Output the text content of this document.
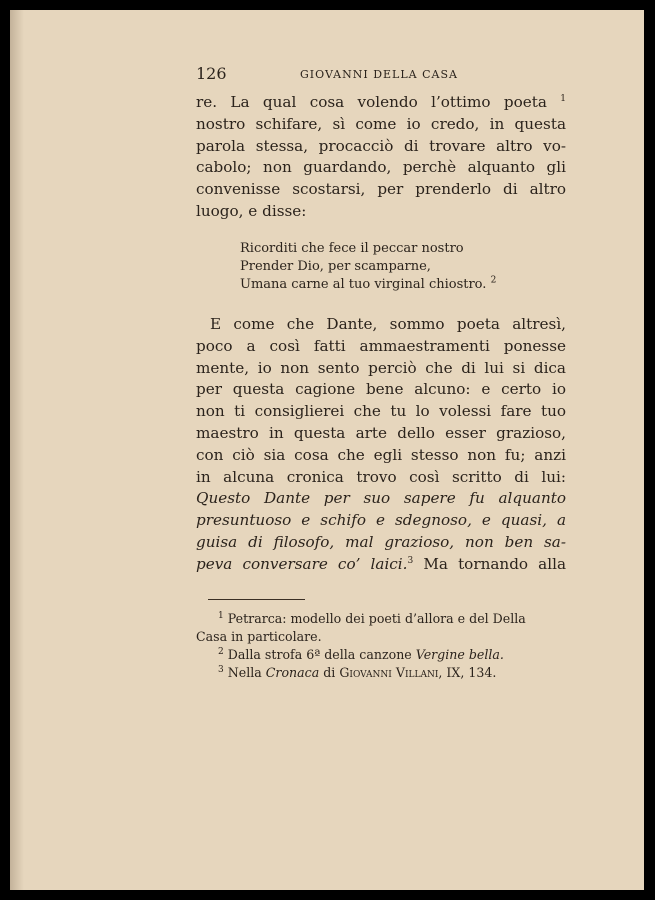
126	GIOVANNI DELLA CASA
re. La qual cosa volendo l’ottimo poeta $^1$
nostro schifare, sì come io credo, in questa
parola stessa, procacciò di trovare altro vo-
cabolo; non guardando, perchè alquanto gli
convenisse scostarsi, per prenderlo di altro
luogo, e disse:
Ricorditi che fece il peccar nostro
Prender Dio, per scamparne,
Umana carne al tuo virginal chiostro. $^2$
E come che Dante, sommo poeta altresì,
poco a così fatti ammaestramenti ponesse
mente, io non sento perciò che di lui si dica
per questa cagione bene alcuno: e certo io
non ti consiglierei che tu lo volessi fare tuo
maestro in questa arte dello esser grazioso,
con ciò sia cosa che egli stesso non fu; anzi
in alcuna cronica trovo così scritto di lui:
Questo Dante per suo sapere fu alquanto
presuntuoso e schifo e sdegnoso, e quasi, a
guisa di filosofo, mal grazioso, non ben sa-
peva conversare co’ laici.$^3$ Ma tornando alla
$^1$ Petrarca: modello dei poeti d’allora e del Della
Casa in particolare.
$^2$ Dalla strofa 6ª della canzone Vergine bella.
$^3$ Nella Cronaca di Giovanni Villani, IX, 134.
